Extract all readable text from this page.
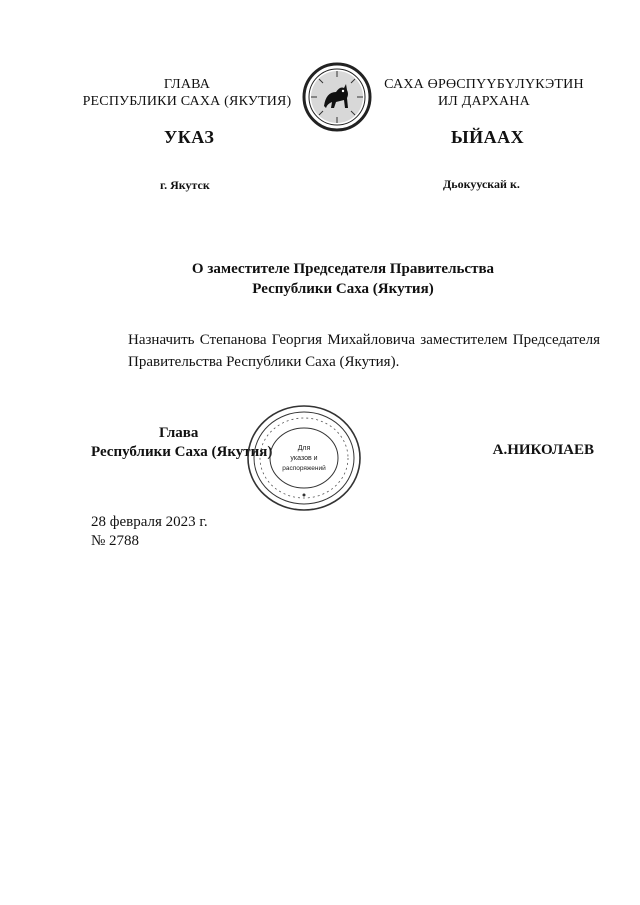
ГЛАВА
РЕСПУБЛИКИ САХА (ЯКУТИЯ)
САХА ӨРӨСПҮҮБҮЛҮКЭТИН
ИЛ ДАРХАНА
УКАЗ	ЫЙААХ
г. Якутск	Дьокуускай к.
О заместителе Председателя Правительства
Республики Саха (Якутия)
Назначить Степанова Георгия Михайловича заместителем Председателя Правительства Республики Саха (Якутия).
Глава
Республики Саха (Якутия)	Для
указов и
распоряжений
А.НИКОЛАЕВ
28 февраля 2023 г.
№ 2788
